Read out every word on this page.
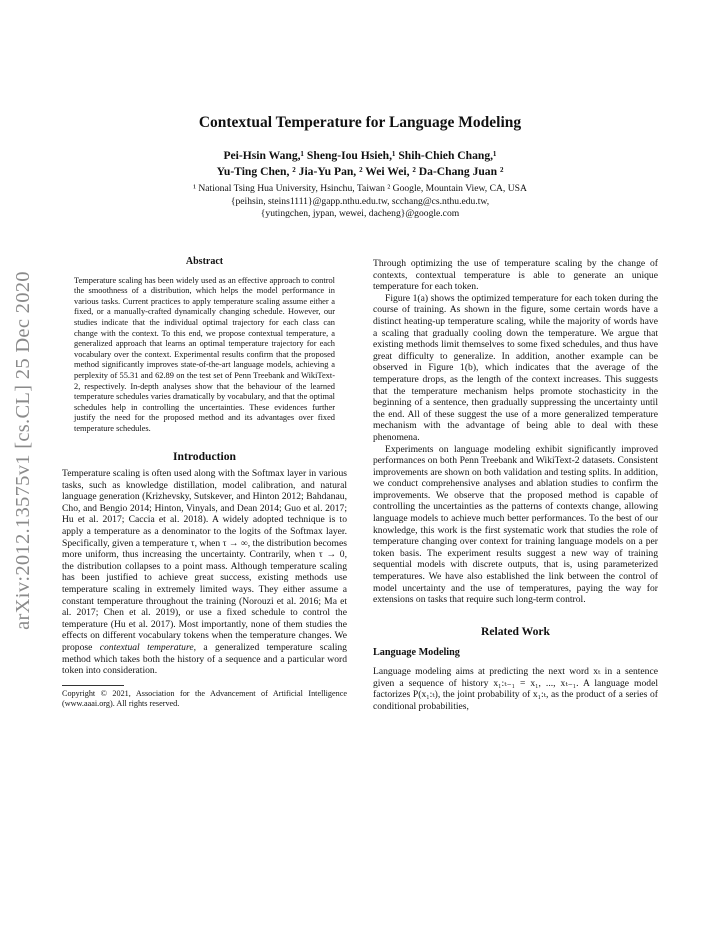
arXiv:2012.13575v1 [cs.CL] 25 Dec 2020
Contextual Temperature for Language Modeling
Pei-Hsin Wang,¹ Sheng-Iou Hsieh,¹ Shih-Chieh Chang,¹
Yu-Ting Chen, ² Jia-Yu Pan, ² Wei Wei, ² Da-Chang Juan ²
¹ National Tsing Hua University, Hsinchu, Taiwan ² Google, Mountain View, CA, USA
{peihsin, steins1111}@gapp.nthu.edu.tw, scchang@cs.nthu.edu.tw,
{yutingchen, jypan, wewei, dacheng}@google.com
Abstract

Temperature scaling has been widely used as an effective approach to control the smoothness of a distribution, which helps the model performance in various tasks. Current practices to apply temperature scaling assume either a fixed, or a manually-crafted dynamically changing schedule. However, our studies indicate that the individual optimal trajectory for each class can change with the context. To this end, we propose contextual temperature, a generalized approach that learns an optimal temperature trajectory for each vocabulary over the context. Experimental results confirm that the proposed method significantly improves state-of-the-art language models, achieving a perplexity of 55.31 and 62.89 on the test set of Penn Treebank and WikiText-2, respectively. In-depth analyses show that the behaviour of the learned temperature schedules varies dramatically by vocabulary, and that the optimal schedules help in controlling the uncertainties. These evidences further justify the need for the proposed method and its advantages over fixed temperature schedules.

Introduction

Temperature scaling is often used along with the Softmax layer in various tasks, such as knowledge distillation, model calibration, and natural language generation (Krizhevsky, Sutskever, and Hinton 2012; Bahdanau, Cho, and Bengio 2014; Hinton, Vinyals, and Dean 2014; Guo et al. 2017; Hu et al. 2017; Caccia et al. 2018). A widely adopted technique is to apply a temperature as a denominator to the logits of the Softmax layer. Specifically, given a temperature τ, when τ → ∞, the distribution becomes more uniform, thus increasing the uncertainty. Contrarily, when τ → 0, the distribution collapses to a point mass. Although temperature scaling has been justified to achieve great success, existing methods use temperature scaling in extremely limited ways. They either assume a constant temperature throughout the training (Norouzi et al. 2016; Ma et al. 2017; Chen et al. 2019), or use a fixed schedule to control the temperature (Hu et al. 2017). Most importantly, none of them studies the effects on different vocabulary tokens when the temperature changes. We propose contextual temperature, a generalized temperature scaling method which takes both the history of a sequence and a particular word token into consideration.

Copyright © 2021, Association for the Advancement of Artificial Intelligence (www.aaai.org). All rights reserved.

Through optimizing the use of temperature scaling by the change of contexts, contextual temperature is able to generate an unique temperature for each token.

Figure 1(a) shows the optimized temperature for each token during the course of training. As shown in the figure, some certain words have a distinct heating-up temperature scaling, while the majority of words have a scaling that gradually cooling down the temperature. We argue that existing methods limit themselves to some fixed schedules, and thus have great difficulty to generalize. In addition, another example can be observed in Figure 1(b), which indicates that the average of the temperature drops, as the length of the context increases. This suggests that the temperature mechanism helps promote stochasticity in the beginning of a sentence, then gradually suppressing the uncertainty until the end. All of these suggest the use of a more generalized temperature mechanism with the advantage of being able to deal with these phenomena.

Experiments on language modeling exhibit significantly improved performances on both Penn Treebank and WikiText-2 datasets. Consistent improvements are shown on both validation and testing splits. In addition, we conduct comprehensive analyses and ablation studies to confirm the improvements. We observe that the proposed method is capable of controlling the uncertainties as the patterns of contexts change, allowing language models to achieve much better performances. To the best of our knowledge, this work is the first systematic work that studies the role of temperature changing over context for training language models on a per token basis. The experiment results suggest a new way of training sequential models with discrete outputs, that is, using parameterized temperatures. We have also established the link between the control of model uncertainty and the use of temperatures, paying the way for extensions on tasks that require such long-term control.

Related Work
Language Modeling

Language modeling aims at predicting the next word xₜ in a sentence given a sequence of history x₁:ₜ₋₁ = x₁, ..., xₜ₋₁. A language model factorizes P(x₁:ₜ), the joint probability of x₁:ₜ, as the product of a series of conditional probabilities,
